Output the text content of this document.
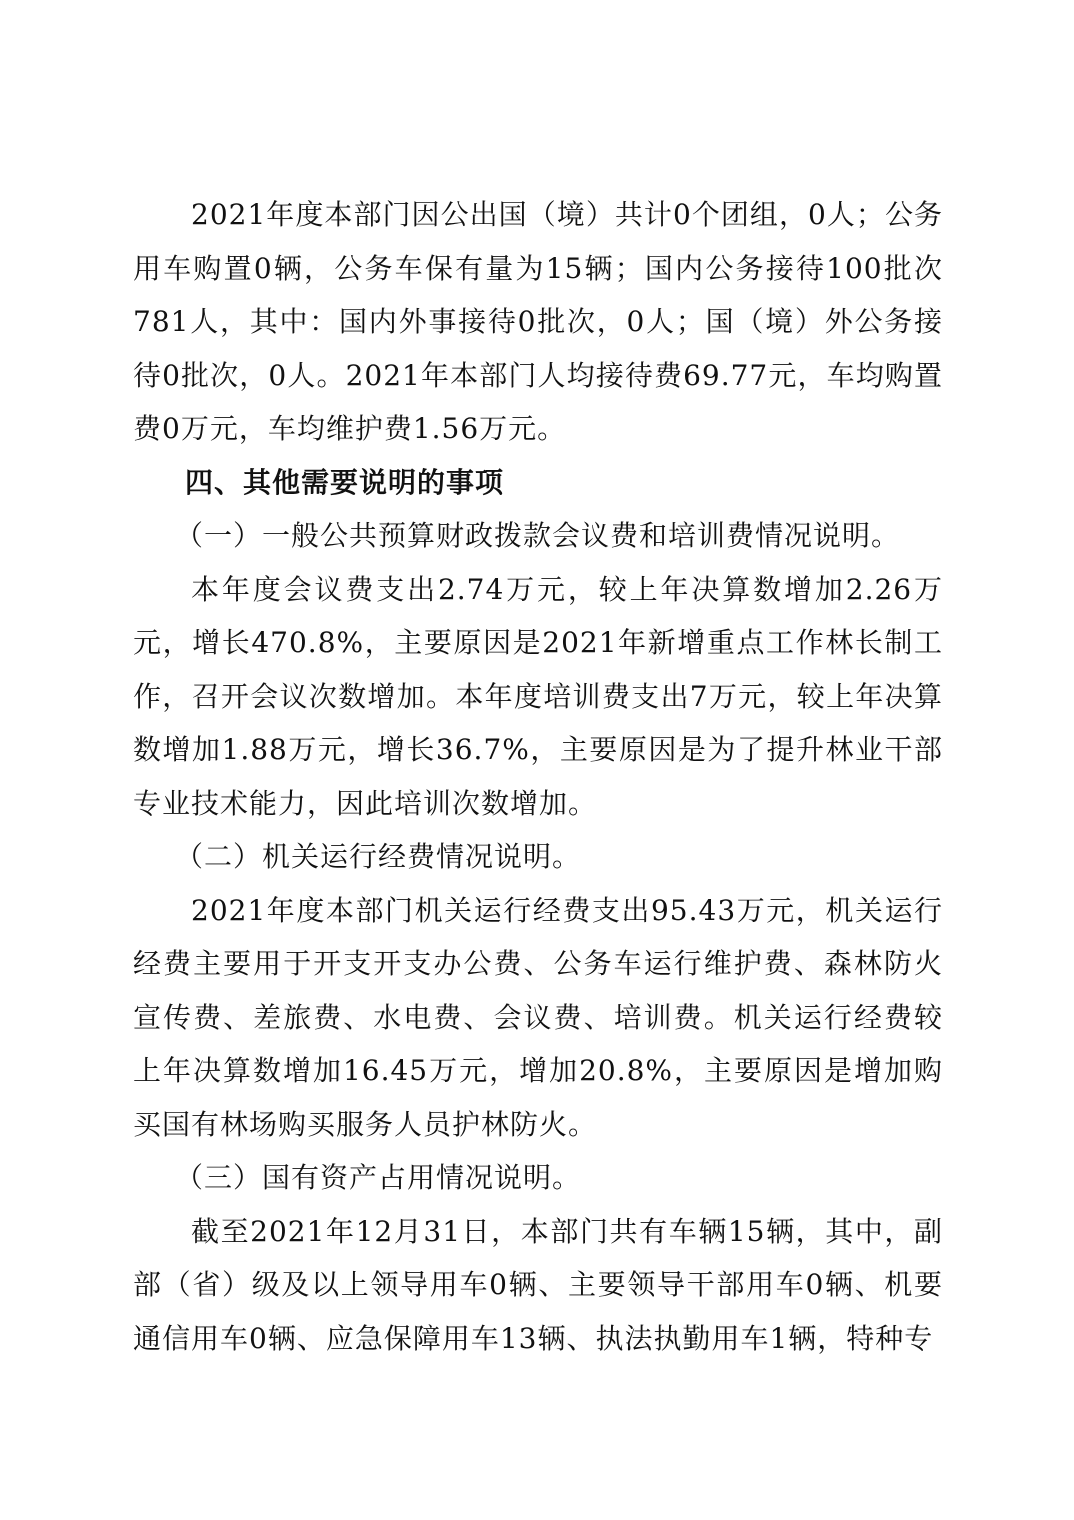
2021年度本部门因公出国（境）共计0个团组，0人；公务用车购置0辆，公务车保有量为15辆；国内公务接待100批次781人，其中：国内外事接待0批次，0人；国（境）外公务接待0批次，0人。2021年本部门人均接待费69.77元，车均购置费0万元，车均维护费1.56万元。

四、其他需要说明的事项

（一）一般公共预算财政拨款会议费和培训费情况说明。

本年度会议费支出2.74万元，较上年决算数增加2.26万元，增长470.8%，主要原因是2021年新增重点工作林长制工作，召开会议次数增加。本年度培训费支出7万元，较上年决算数增加1.88万元，增长36.7%，主要原因是为了提升林业干部专业技术能力，因此培训次数增加。

（二）机关运行经费情况说明。

2021年度本部门机关运行经费支出95.43万元，机关运行经费主要用于开支开支办公费、公务车运行维护费、森林防火宣传费、差旅费、水电费、会议费、培训费。机关运行经费较上年决算数增加16.45万元，增加20.8%，主要原因是增加购买国有林场购买服务人员护林防火。

（三）国有资产占用情况说明。

截至2021年12月31日，本部门共有车辆15辆，其中，副部（省）级及以上领导用车0辆、主要领导干部用车0辆、机要通信用车0辆、应急保障用车13辆、执法执勤用车1辆，特种专
